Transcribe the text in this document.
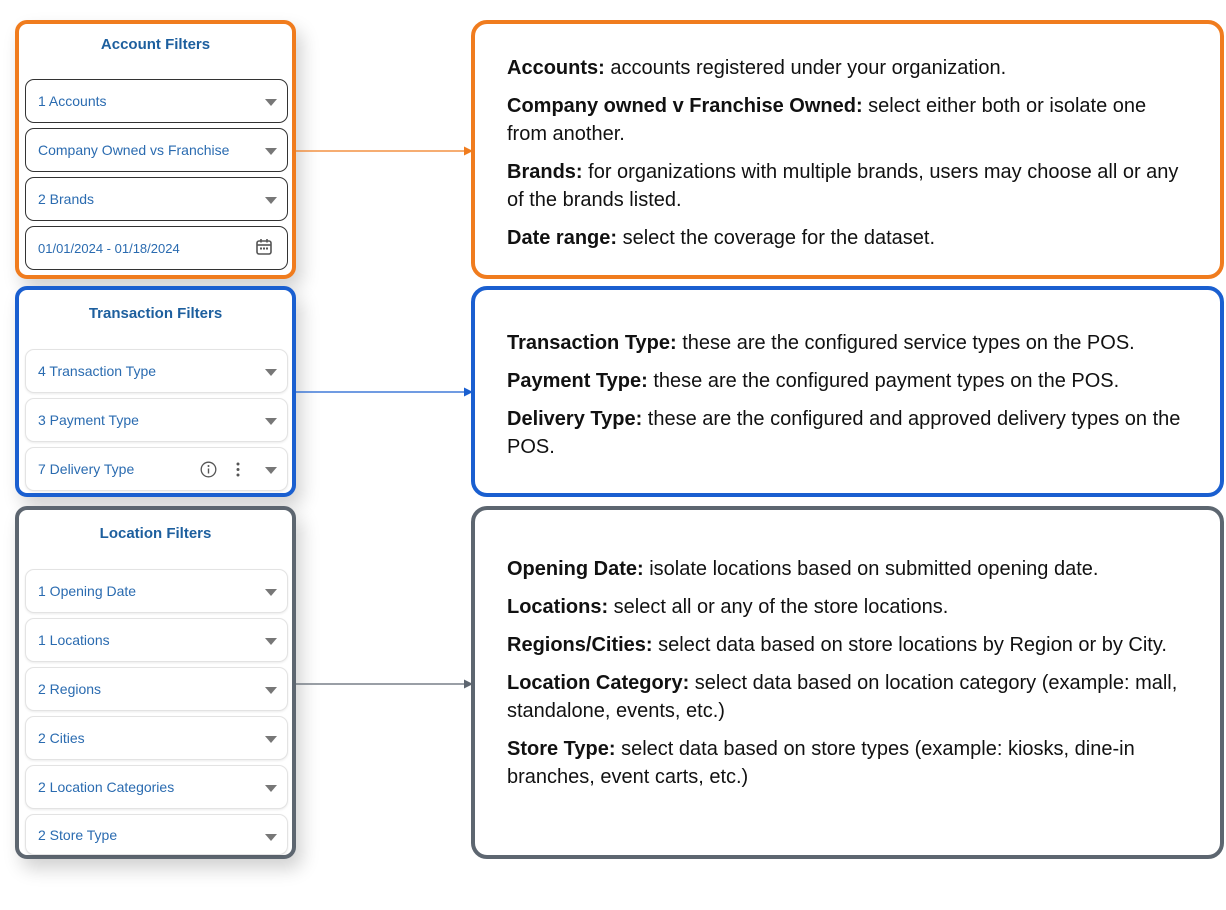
Account Filters
1 Accounts
Company Owned vs Franchise
2 Brands
01/01/2024 - 01/18/2024
Transaction Filters
4 Transaction Type
3 Payment Type
7 Delivery Type
Location Filters
1 Opening Date
1 Locations
2 Regions
2 Cities
2 Location Categories
2 Store Type

Accounts: accounts registered under your organization.

Company owned v Franchise Owned: select either both or isolate one from another.

Brands: for organizations with multiple brands, users may choose all or any of the brands listed.

Date range: select the coverage for the dataset.

Transaction Type: these are the configured service types on the POS.

Payment Type: these are the configured payment types on the POS.

Delivery Type: these are the configured and approved delivery types on the POS.

Opening Date: isolate locations based on submitted opening date.

Locations: select all or any of the store locations.

Regions/Cities: select data based on store locations by Region or by City.

Location Category: select data based on location category (example: mall, standalone, events, etc.)

Store Type: select data based on store types (example: kiosks, dine-in branches, event carts, etc.)
